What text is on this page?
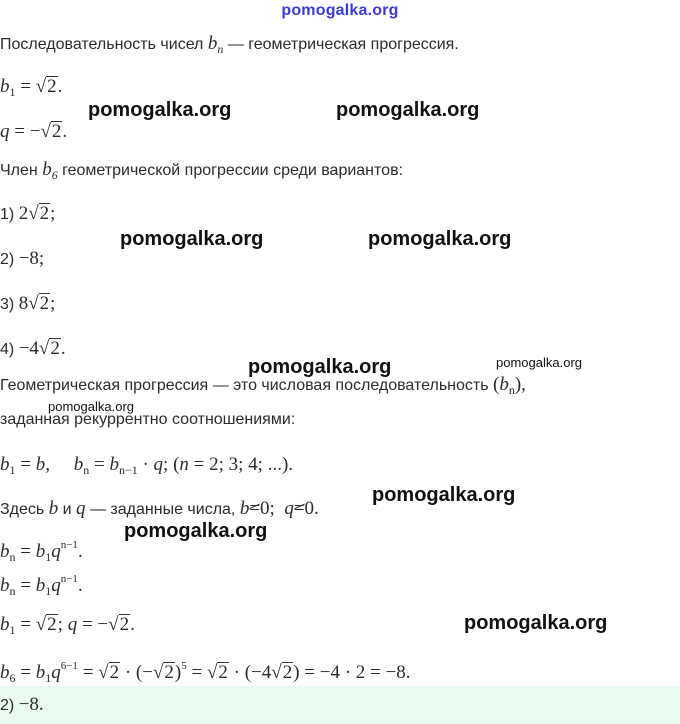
pomogalka.org
Последовательность чисел $b_n$ — геометрическая прогрессия.
$b_1 = √2$.
q = −√2.
Член $b_6$ геометрической прогрессии среди вариантов:
1) 2√2;
2) −8;
3) 8√2;
4) −4√2.
Геометрическая прогрессия — это числовая последовательность $(b_n)$,
заданная рекуррентно соотношениями:
$b_1 = b$,     $b_n = b_{n-1} \cdot q$; (n = 2; 3; 4; ...).
Здесь b и q — заданные числа, b=0;  q=0.
$b_n = b_1q^{n-1}$.
$b_n = b_1q^{n-1}$.
$b_1 = √2$; q = −√2.
$b_6 = b_1q^{6-1} = √2 \cdot (-√2)^5 = √2 \cdot (-4√2) = -4 \cdot 2 = -8$.
2) −8.
pomogalka.org	pomogalka.org
pomogalka.org	pomogalka.org
pomogalka.org	pomogalka.org
pomogalka.org
pomogalka.org
pomogalka.org
pomogalka.org
